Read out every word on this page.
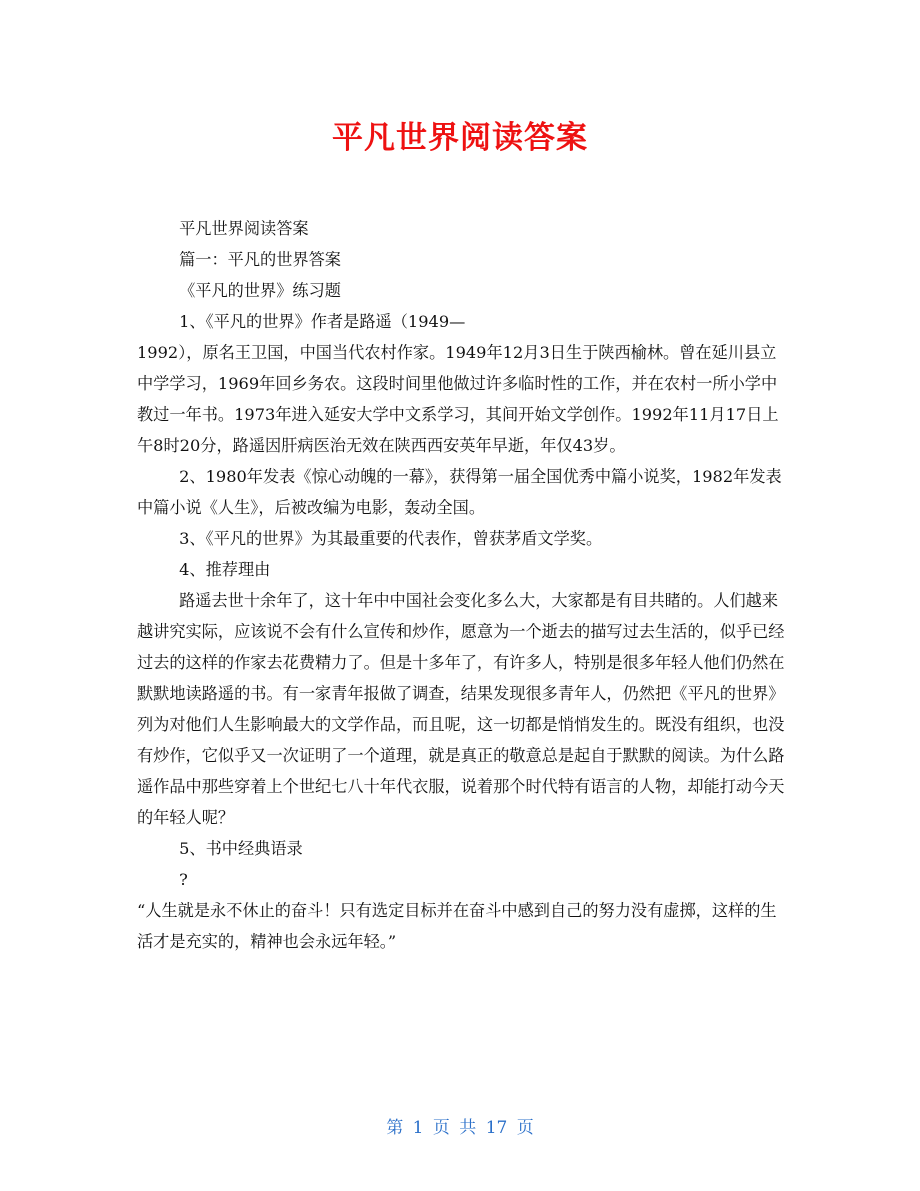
平凡世界阅读答案

平凡世界阅读答案

篇一：平凡的世界答案

《平凡的世界》练习题

1、《平凡的世界》作者是路遥（1949—

1992），原名王卫国，中国当代农村作家。1949年12月3日生于陕西榆林。曾在延川县立中学学习，1969年回乡务农。这段时间里他做过许多临时性的工作，并在农村一所小学中教过一年书。1973年进入延安大学中文系学习，其间开始文学创作。1992年11月17日上午8时20分，路遥因肝病医治无效在陕西西安英年早逝，年仅43岁。

2、1980年发表《惊心动魄的一幕》，获得第一届全国优秀中篇小说奖，1982年发表中篇小说《人生》，后被改编为电影，轰动全国。

3、《平凡的世界》为其最重要的代表作，曾获茅盾文学奖。

4、推荐理由

路遥去世十余年了，这十年中中国社会变化多么大，大家都是有目共睹的。人们越来越讲究实际，应该说不会有什么宣传和炒作，愿意为一个逝去的描写过去生活的，似乎已经过去的这样的作家去花费精力了。但是十多年了，有许多人，特别是很多年轻人他们仍然在默默地读路遥的书。有一家青年报做了调查，结果发现很多青年人，仍然把《平凡的世界》列为对他们人生影响最大的文学作品，而且呢，这一切都是悄悄发生的。既没有组织，也没有炒作，它似乎又一次证明了一个道理，就是真正的敬意总是起自于默默的阅读。为什么路遥作品中那些穿着上个世纪七八十年代衣服，说着那个时代特有语言的人物，却能打动今天的年轻人呢？

5、书中经典语录

?

“人生就是永不休止的奋斗！只有选定目标并在奋斗中感到自己的努力没有虚掷，这样的生活才是充实的，精神也会永远年轻。”

第 1 页 共 17 页
